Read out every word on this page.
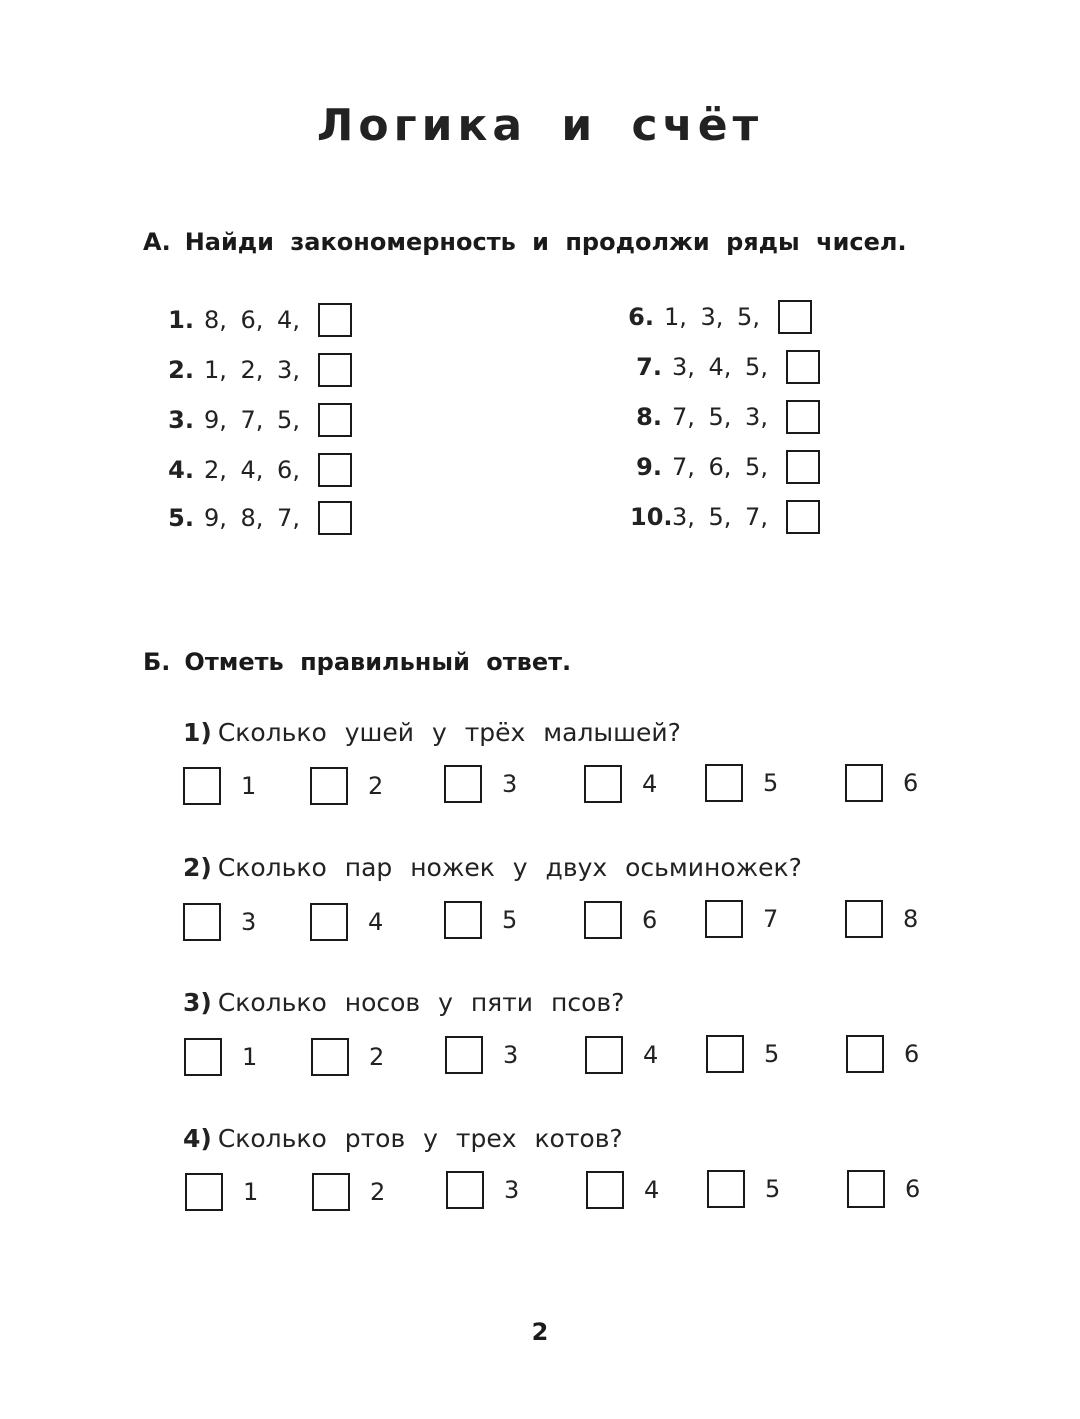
Логика и счёт
А. Найди закономерность и продолжи ряды чисел.
1. 8, 6, 4,
2. 1, 2, 3,
3. 9, 7, 5,
4. 2, 4, 6,
5. 9, 8, 7,
6. 1, 3, 5,
7. 3, 4, 5,
8. 7, 5, 3,
9. 7, 6, 5,
10. 3, 5, 7,
Б. Отметь правильный ответ.
1) Сколько ушей у трёх малышей?
1	2	3	4	5	6
2) Сколько пар ножек у двух осьминожек?
3	4	5	6	7	8
3) Сколько носов у пяти псов?
1	2	3	4	5	6
4) Сколько ртов у трех котов?
1	2	3	4	5	6
2
